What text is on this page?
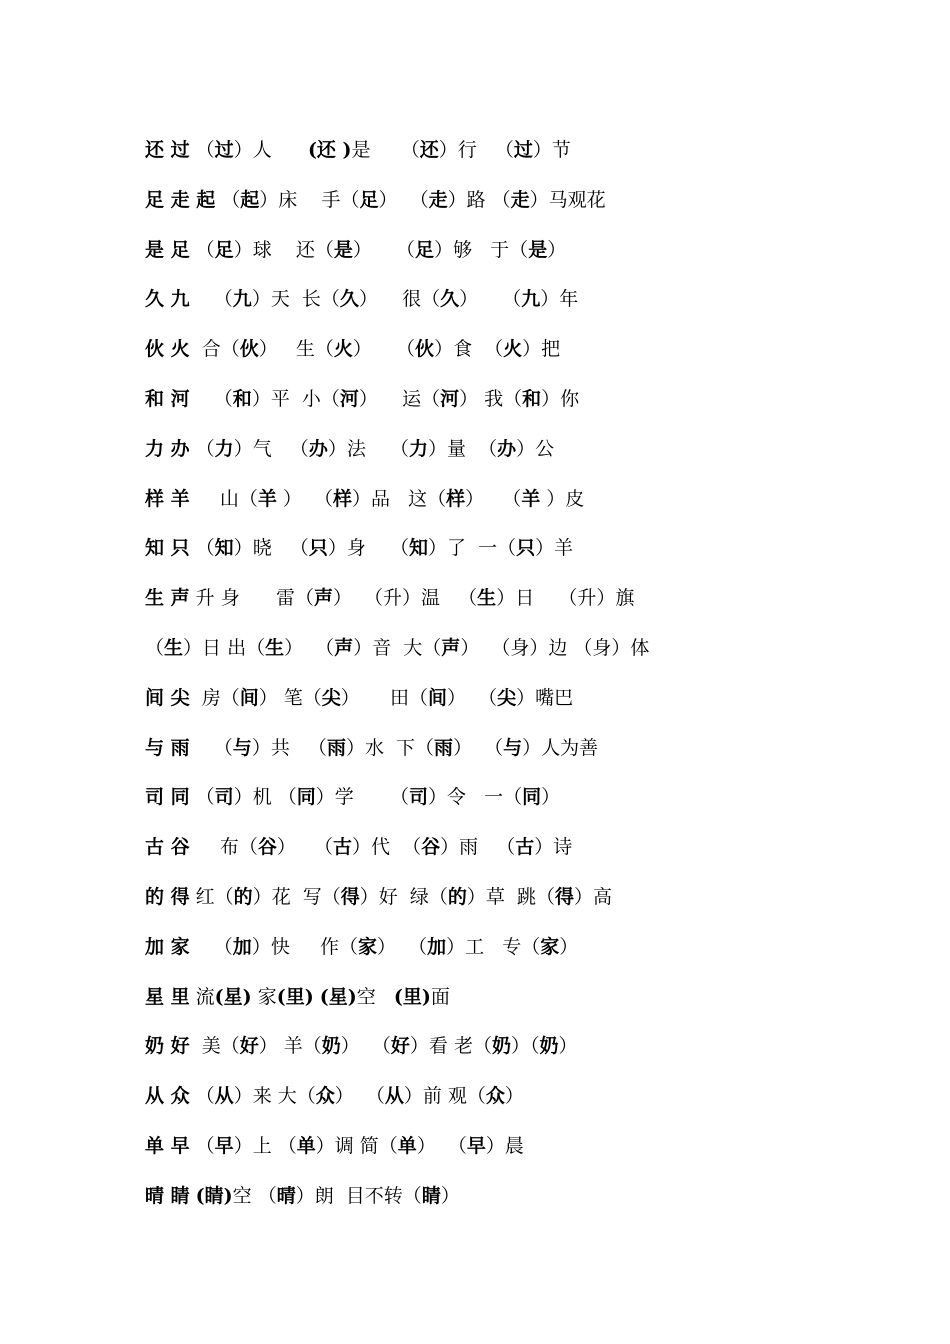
还 过 （过）人      (还 )是     （还）行   （过）节
足 走 起 （起）床    手（足）  （走）路 （走）马观花
是 足 （足）球    还（是）    （足）够   于（是）
久 九    （九）天  长（久）    很（久）    （九）年
伙 火  合（伙）   生（火）    （伙）食  （火）把
和 河    （和）平  小（河）    运（河） 我（和）你
力 办 （力）气   （办）法    （力）量  （办）公
样 羊     山（羊 ）  （样）品   这（样）   （羊 ）皮
知 只 （知）晓   （只）身    （知）了  一（只）羊
生 声 升 身      雷（声）  （升）温   （生）日    （升）旗
（生）日 出（生）  （声）音  大（声）  （身）边 （身）体
间 尖  房（间） 笔（尖）     田（间）  （尖）嘴巴
与 雨    （与）共   （雨）水  下（雨）  （与）人为善
司 同 （司）机 （同）学      （司）令   一（同）
古 谷     布（谷）   （古）代  （谷）雨   （古）诗
的 得 红（的）花  写（得）好  绿（的）草  跳（得）高
加 家    （加）快     作（家）  （加）工   专（家）
星 里 流(星) 家(里) (星)空   (里)面
奶 好  美（好） 羊（奶）  （好）看 老（奶）（奶）
从 众 （从）来 大（众）  （从）前 观（众）
单 早 （早）上 （单）调 简（单）  （早）晨
晴 睛 (睛)空 （晴）朗  目不转（睛）
